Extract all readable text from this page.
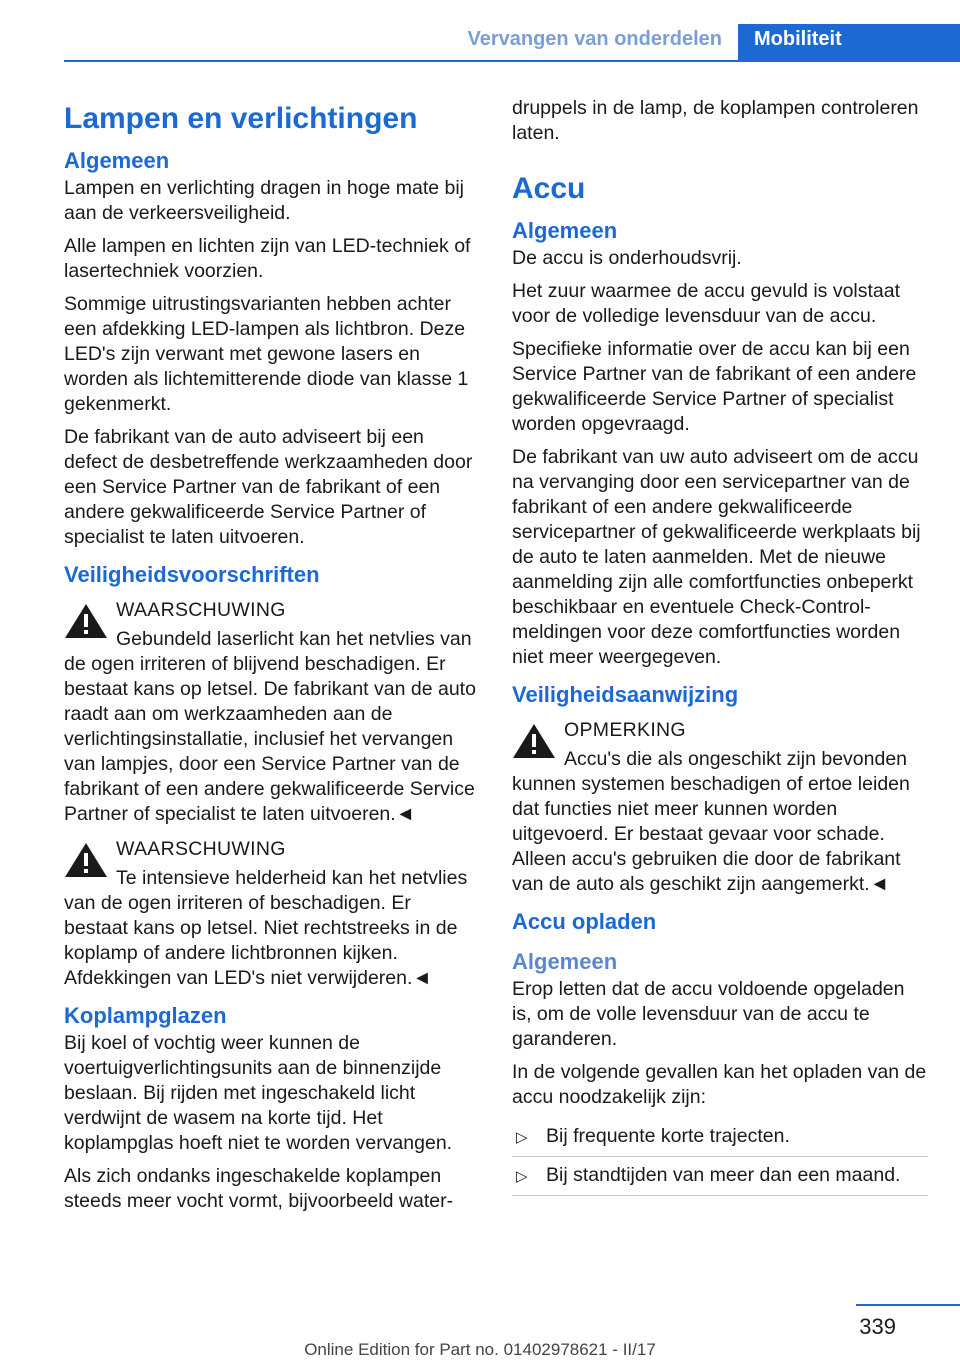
Vervangen van onderdelen	Mobiliteit
Lampen en verlichtingen
Algemeen

Lampen en verlichting dragen in hoge mate bij aan de verkeersveiligheid.

Alle lampen en lichten zijn van LED-techniek of lasertechniek voorzien.

Sommige uitrustingsvarianten hebben achter een afdekking LED-lampen als lichtbron. Deze LED's zijn verwant met gewone lasers en worden als lichtemitterende diode van klasse 1 gekenmerkt.

De fabrikant van de auto adviseert bij een defect de desbetreffende werkzaamheden door een Service Partner van de fabrikant of een andere gekwalificeerde Service Partner of specialist te laten uitvoeren.

Veiligheidsvoorschriften
WAARSCHUWING
Gebundeld laserlicht kan het netvlies van de ogen irriteren of blijvend beschadigen. Er bestaat kans op letsel. De fabrikant van de auto raadt aan om werkzaamheden aan de verlichtingsinstallatie, inclusief het vervangen van lampjes, door een Service Partner van de fabrikant of een andere gekwalificeerde Service Partner of specialist te laten uitvoeren.◄
WAARSCHUWING
Te intensieve helderheid kan het netvlies van de ogen irriteren of beschadigen. Er bestaat kans op letsel. Niet rechtstreeks in de koplamp of andere lichtbronnen kijken. Afdekkingen van LED's niet verwijderen.◄
Koplampglazen

Bij koel of vochtig weer kunnen de voertuigverlichtingsunits aan de binnenzijde beslaan. Bij rijden met ingeschakeld licht verdwijnt de wasem na korte tijd. Het koplampglas hoeft niet te worden vervangen.

Als zich ondanks ingeschakelde koplampen steeds meer vocht vormt, bijvoorbeeld water-

druppels in de lamp, de koplampen controleren laten.

Accu
Algemeen

De accu is onderhoudsvrij.

Het zuur waarmee de accu gevuld is volstaat voor de volledige levensduur van de accu.

Specifieke informatie over de accu kan bij een Service Partner van de fabrikant of een andere gekwalificeerde Service Partner of specialist worden opgevraagd.

De fabrikant van uw auto adviseert om de accu na vervanging door een servicepartner van de fabrikant of een andere gekwalificeerde servicepartner of gekwalificeerde werkplaats bij de auto te laten aanmelden. Met de nieuwe aanmelding zijn alle comfortfuncties onbeperkt beschikbaar en eventuele Check-Control-meldingen voor deze comfortfuncties worden niet meer weergegeven.

Veiligheidsaanwijzing
OPMERKING
Accu's die als ongeschikt zijn bevonden kunnen systemen beschadigen of ertoe leiden dat functies niet meer kunnen worden uitgevoerd. Er bestaat gevaar voor schade. Alleen accu's gebruiken die door de fabrikant van de auto als geschikt zijn aangemerkt.◄
Accu opladen
Algemeen

Erop letten dat de accu voldoende opgeladen is, om de volle levensduur van de accu te garanderen.

In de volgende gevallen kan het opladen van de accu noodzakelijk zijn:

▷ Bij frequente korte trajecten.
▷ Bij standtijden van meer dan een maand.
339
Online Edition for Part no. 01402978621 - II/17
